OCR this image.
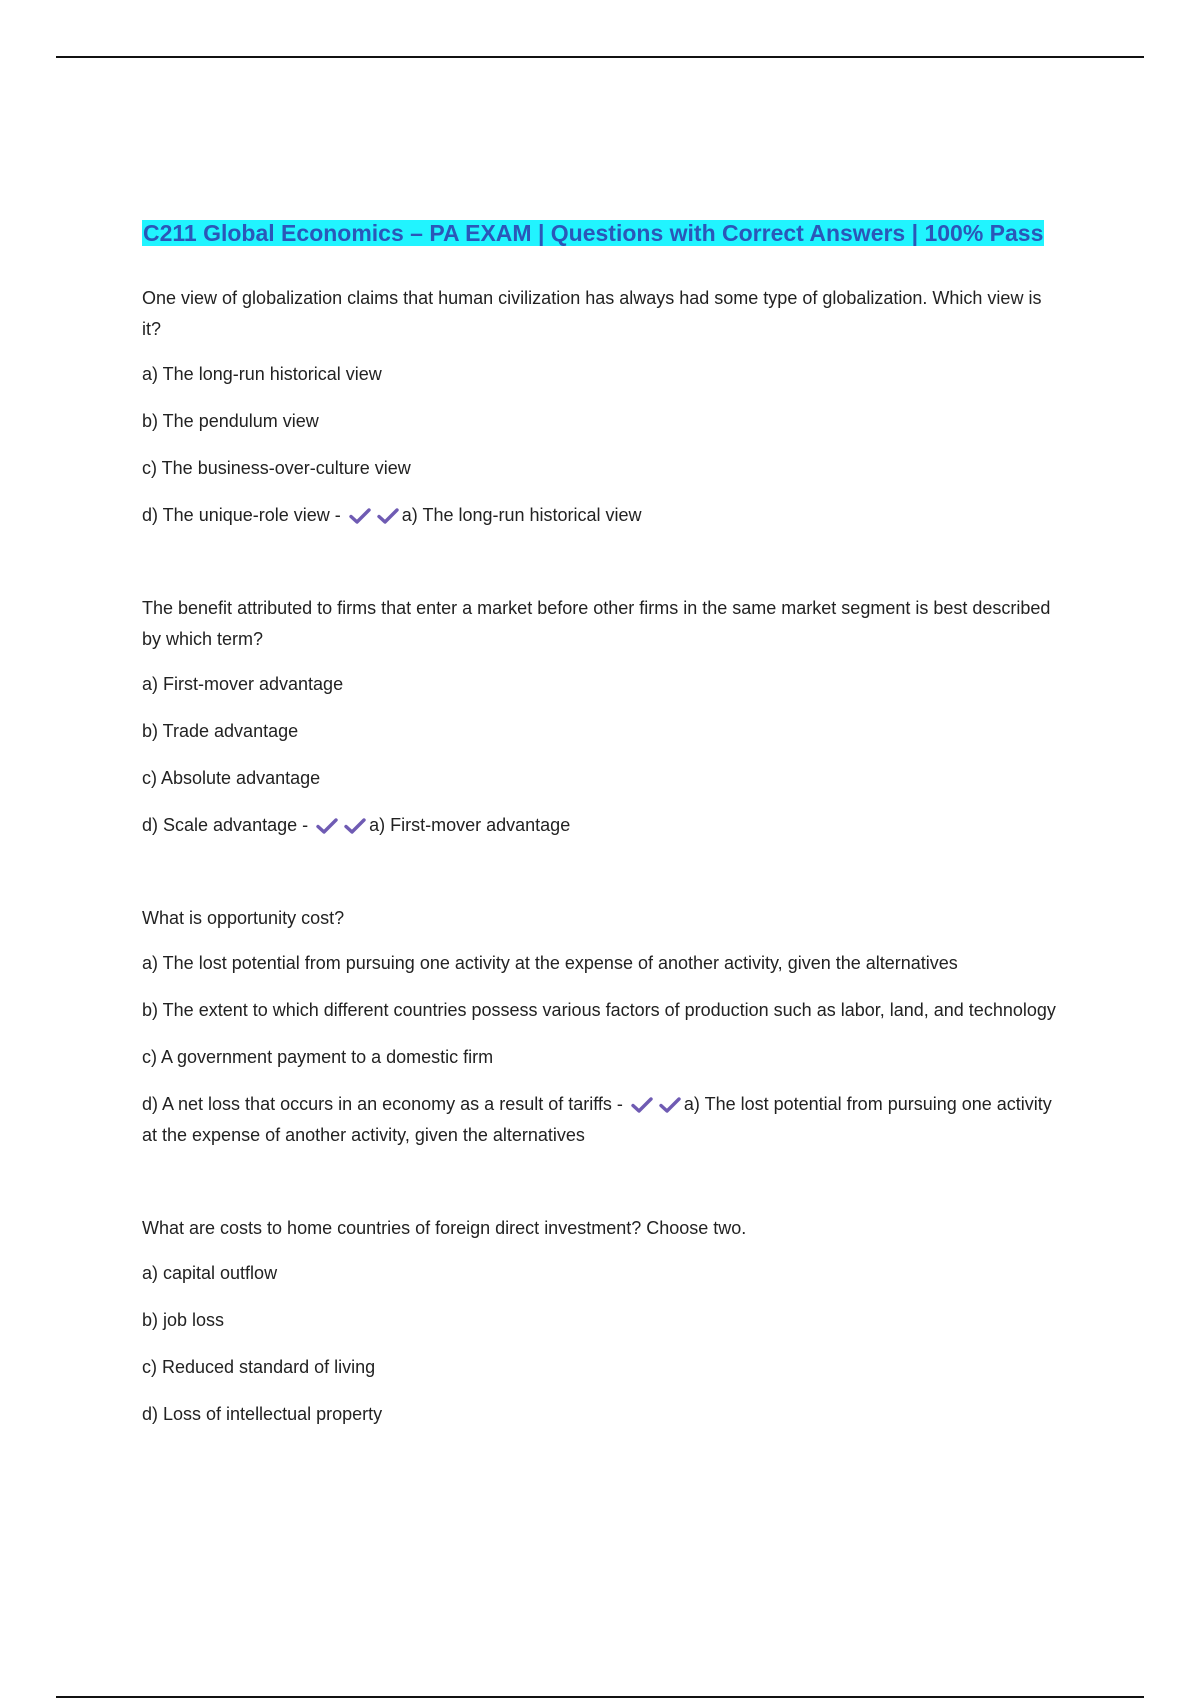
C211 Global Economics – PA EXAM | Questions with Correct Answers | 100% Pass

One view of globalization claims that human civilization has always had some type of globalization. Which view is it?

a) The long-run historical view

b) The pendulum view

c) The business-over-culture view

d) The unique-role view -	a) The long-run historical view

The benefit attributed to firms that enter a market before other firms in the same market segment is best described by which term?

a) First-mover advantage

b) Trade advantage

c) Absolute advantage

d) Scale advantage -	a) First-mover advantage

What is opportunity cost?

a) The lost potential from pursuing one activity at the expense of another activity, given the alternatives

b) The extent to which different countries possess various factors of production such as labor, land, and technology

c) A government payment to a domestic firm

d) A net loss that occurs in an economy as a result of tariffs -	a) The lost potential from pursuing one activity at the expense of another activity, given the alternatives

What are costs to home countries of foreign direct investment? Choose two.

a) capital outflow

b) job loss

c) Reduced standard of living

d) Loss of intellectual property
